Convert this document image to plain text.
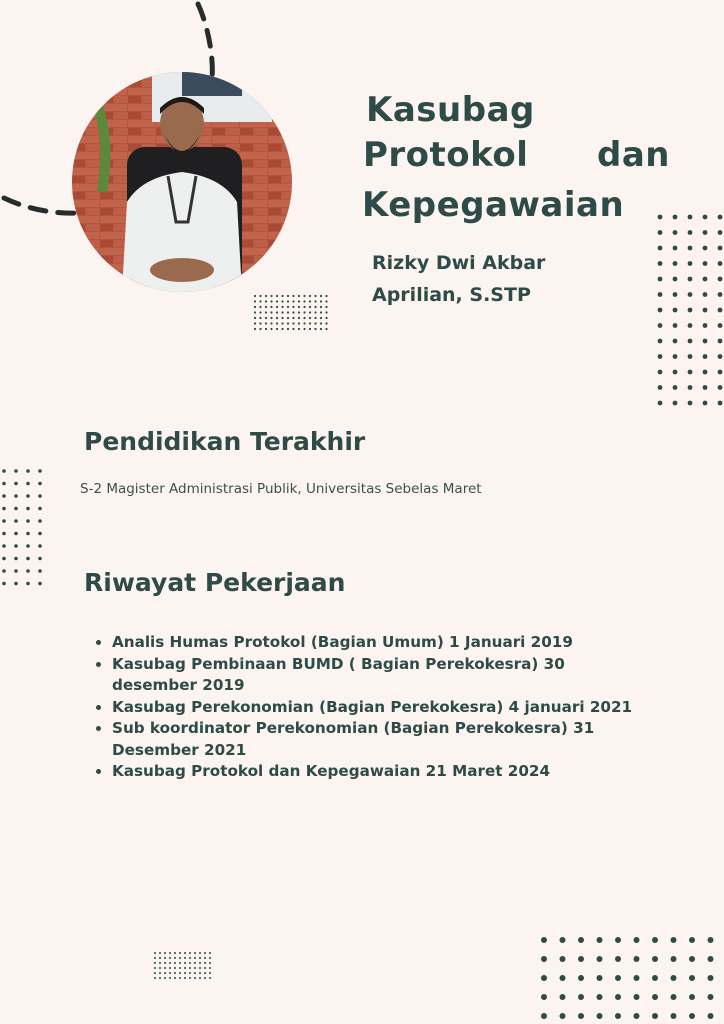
Kasubag
Protokol dan
Kepegawaian
Rizky Dwi Akbar
Aprilian, S.STP
Pendidikan Terakhir
S-2 Magister Administrasi Publik, Universitas Sebelas Maret
Riwayat Pekerjaan
• Analis Humas Protokol (Bagian Umum) 1 Januari 2019
• Kasubag Pembinaan BUMD ( Bagian Perekokesra) 30 desember 2019
• Kasubag Perekonomian (Bagian Perekokesra) 4 januari 2021
• Sub koordinator Perekonomian (Bagian Perekokesra) 31 Desember 2021
• Kasubag Protokol dan Kepegawaian 21 Maret 2024
